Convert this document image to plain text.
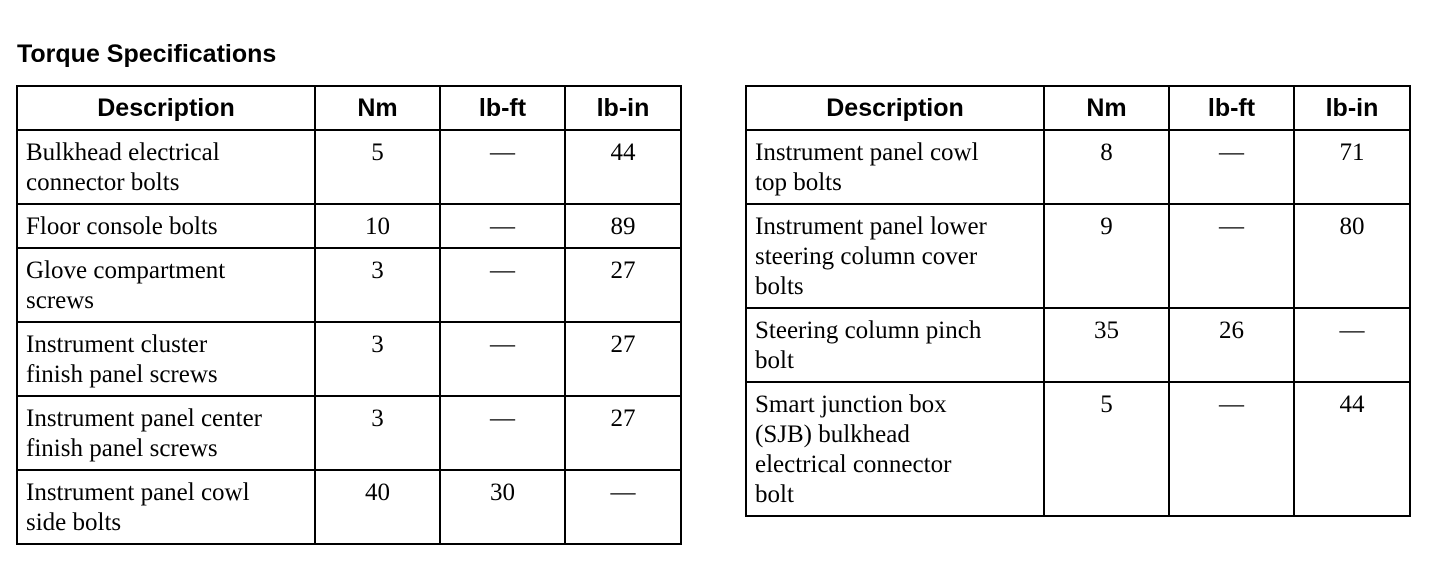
Torque Specifications
Description	Nm	lb-ft	lb-in
Bulkhead electrical
connector bolts	5	—	44
Floor console bolts	10	—	89
Glove compartment
screws	3	—	27
Instrument cluster
finish panel screws	3	—	27
Instrument panel center
finish panel screws	3	—	27
Instrument panel cowl
side bolts	40	30	—
Description	Nm	lb-ft	lb-in
Instrument panel cowl
top bolts	8	—	71
Instrument panel lower
steering column cover
bolts	9	—	80
Steering column pinch
bolt	35	26	—
Smart junction box
(SJB) bulkhead
electrical connector
bolt	5	—	44
